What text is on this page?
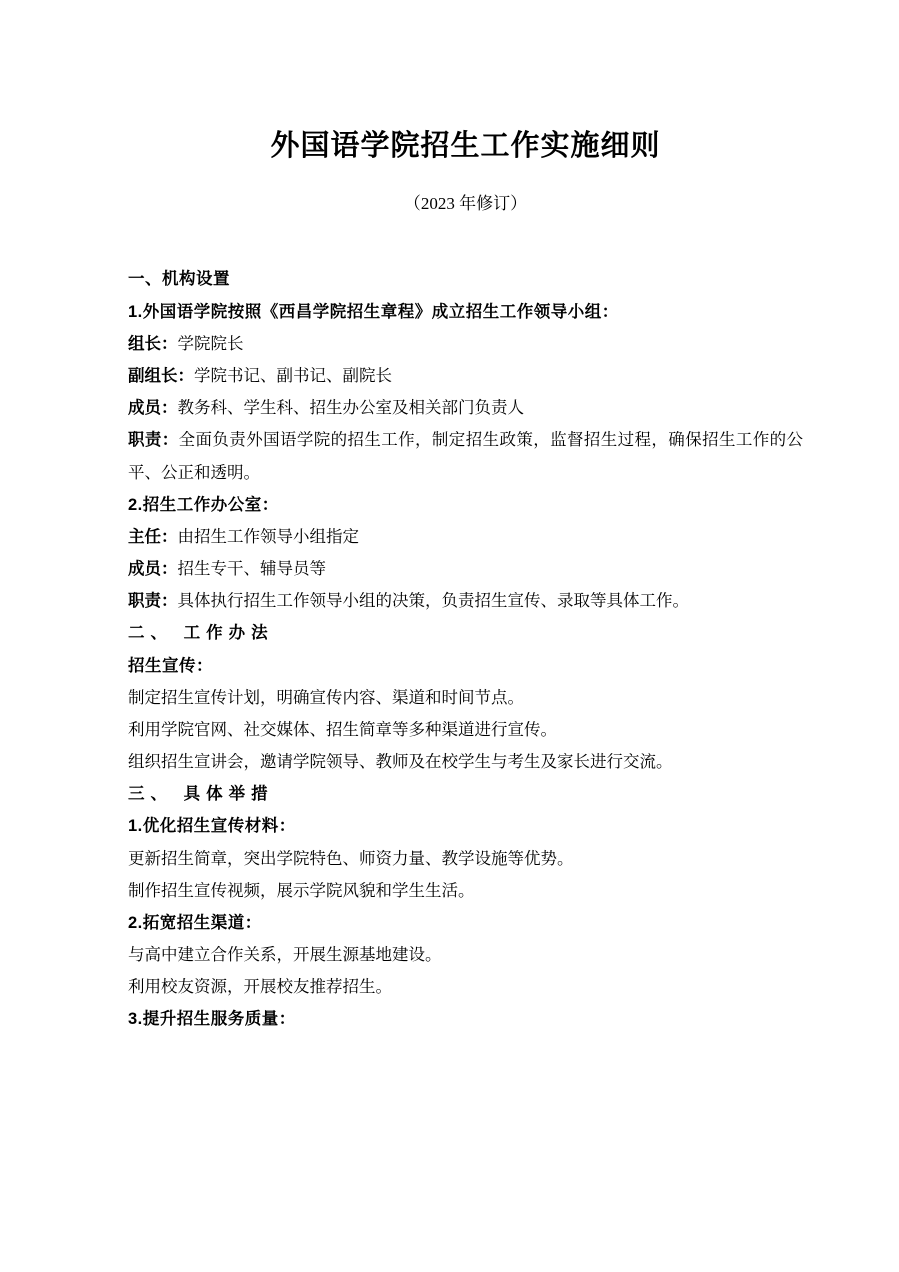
外国语学院招生工作实施细则
（2023 年修订）

一、机构设置

1.外国语学院按照《西昌学院招生章程》成立招生工作领导小组：

组长：学院院长

副组长：学院书记、副书记、副院长

成员：教务科、学生科、招生办公室及相关部门负责人

职责：全面负责外国语学院的招生工作，制定招生政策，监督招生过程，确保招生工作的公平、公正和透明。

2.招生工作办公室：

主任：由招生工作领导小组指定

成员：招生专干、辅导员等

职责：具体执行招生工作领导小组的决策，负责招生宣传、录取等具体工作。

二、 工作办法

招生宣传：

制定招生宣传计划，明确宣传内容、渠道和时间节点。

利用学院官网、社交媒体、招生简章等多种渠道进行宣传。

组织招生宣讲会，邀请学院领导、教师及在校学生与考生及家长进行交流。

三、 具体举措

1.优化招生宣传材料：

更新招生简章，突出学院特色、师资力量、教学设施等优势。

制作招生宣传视频，展示学院风貌和学生生活。

2.拓宽招生渠道：

与高中建立合作关系，开展生源基地建设。

利用校友资源，开展校友推荐招生。

3.提升招生服务质量：
